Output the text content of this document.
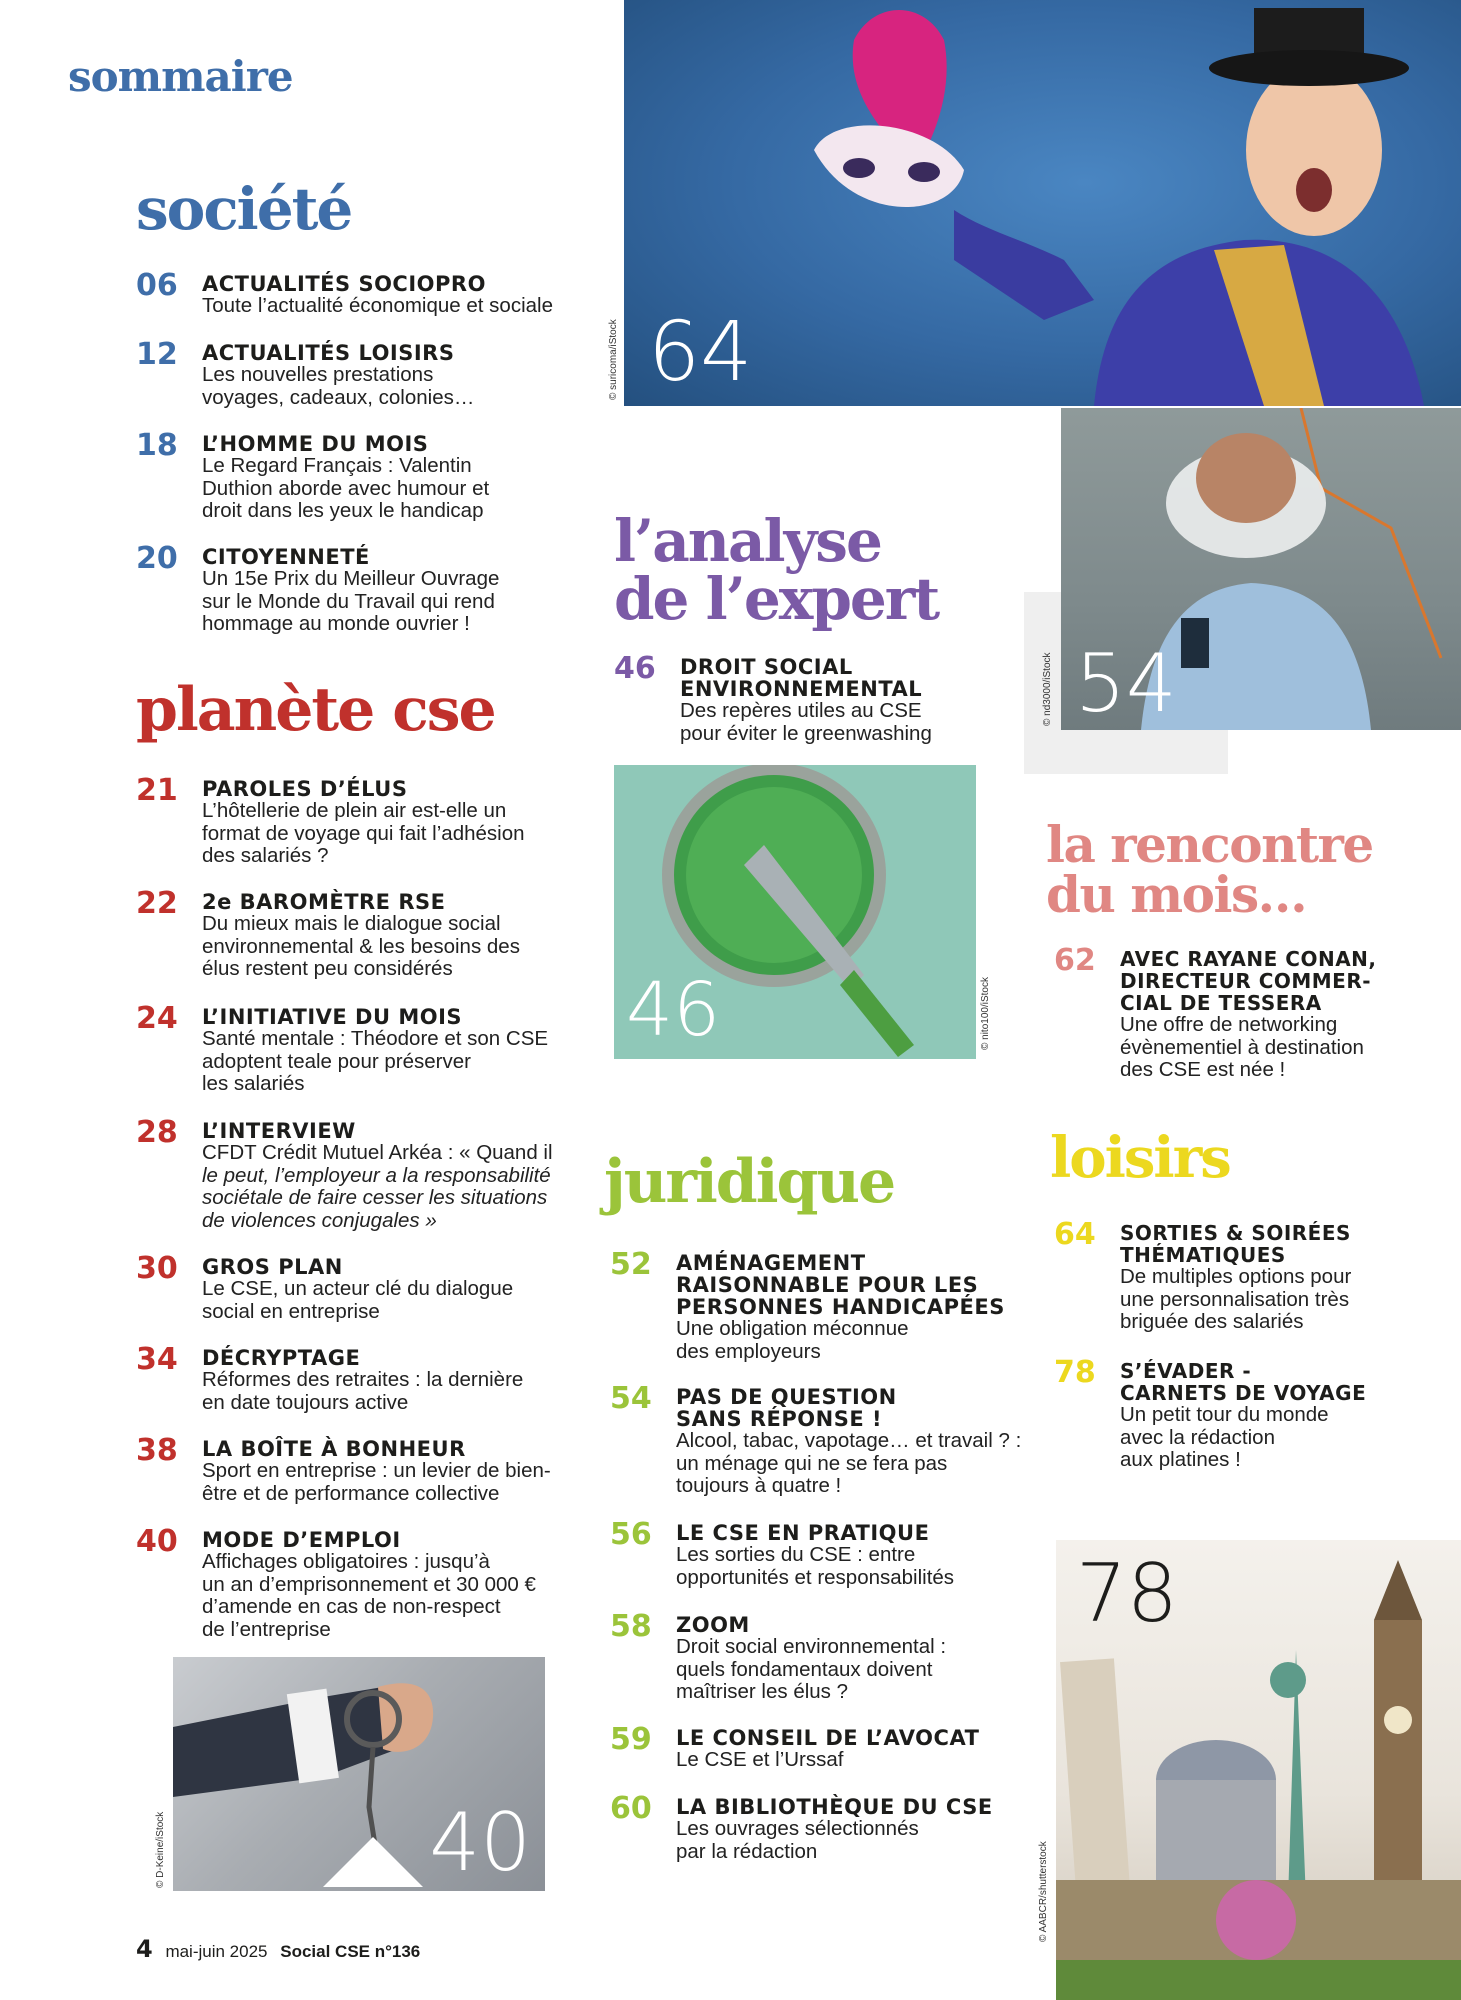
sommaire
société
06 ACTUALITÉS SOCIOPRO
Toute l’actualité économique et sociale
12 ACTUALITÉS LOISIRS
Les nouvelles prestations
voyages, cadeaux, colonies…
18 L’HOMME DU MOIS
Le Regard Français : Valentin
Duthion aborde avec humour et
droit dans les yeux le handicap
20 CITOYENNETÉ
Un 15e Prix du Meilleur Ouvrage
sur le Monde du Travail qui rend
hommage au monde ouvrier !
planète cse
21 PAROLES D’ÉLUS
L’hôtellerie de plein air est-elle un
format de voyage qui fait l’adhésion
des salariés ?
22 2e BAROMÈTRE RSE
Du mieux mais le dialogue social
environnemental & les besoins des
élus restent peu considérés
24 L’INITIATIVE DU MOIS
Santé mentale : Théodore et son CSE
adoptent teale pour préserver
les salariés
28 L’INTERVIEW
CFDT Crédit Mutuel Arkéa : « Quand il
le peut, l’employeur a la responsabilité
sociétale de faire cesser les situations
de violences conjugales »
30 GROS PLAN
Le CSE, un acteur clé du dialogue
social en entreprise
34 DÉCRYPTAGE
Réformes des retraites : la dernière
en date toujours active
38 LA BOÎTE À BONHEUR
Sport en entreprise : un levier de bien-
être et de performance collective
40 MODE D’EMPLOI
Affichages obligatoires : jusqu’à
un an d’emprisonnement et 30 000 €
d’amende en cas de non-respect
de l’entreprise
40
© D-Keine/iStock
4 mai-juin 2025 Social CSE n°136
64
© suricoma/iStock
l’analyse
de l’expert
46 DROIT SOCIAL
ENVIRONNEMENTAL
Des repères utiles au CSE
pour éviter le greenwashing
46	© nito100/iStock
juridique
52 AMÉNAGEMENT
RAISONNABLE POUR LES
PERSONNES HANDICAPÉES
Une obligation méconnue
des employeurs
54 PAS DE QUESTION
SANS RÉPONSE !
Alcool, tabac, vapotage… et travail ? :
un ménage qui ne se fera pas
toujours à quatre !
56 LE CSE EN PRATIQUE
Les sorties du CSE : entre
opportunités et responsabilités
58 ZOOM
Droit social environnemental :
quels fondamentaux doivent
maîtriser les élus ?
59 LE CONSEIL DE L’AVOCAT
Le CSE et l’Urssaf
60 LA BIBLIOTHÈQUE DU CSE
Les ouvrages sélectionnés
par la rédaction
54
© nd3000/iStock
la rencontre
du mois…
62 AVEC RAYANE CONAN,
DIRECTEUR COMMER-
CIAL DE TESSERA
Une offre de networking
évènementiel à destination
des CSE est née !
loisirs
64 SORTIES & SOIRÉES
THÉMATIQUES
De multiples options pour
une personnalisation très
briguée des salariés
78 S’ÉVADER -
CARNETS DE VOYAGE
Un petit tour du monde
avec la rédaction
aux platines !
78
© AABCR/shutterstock
